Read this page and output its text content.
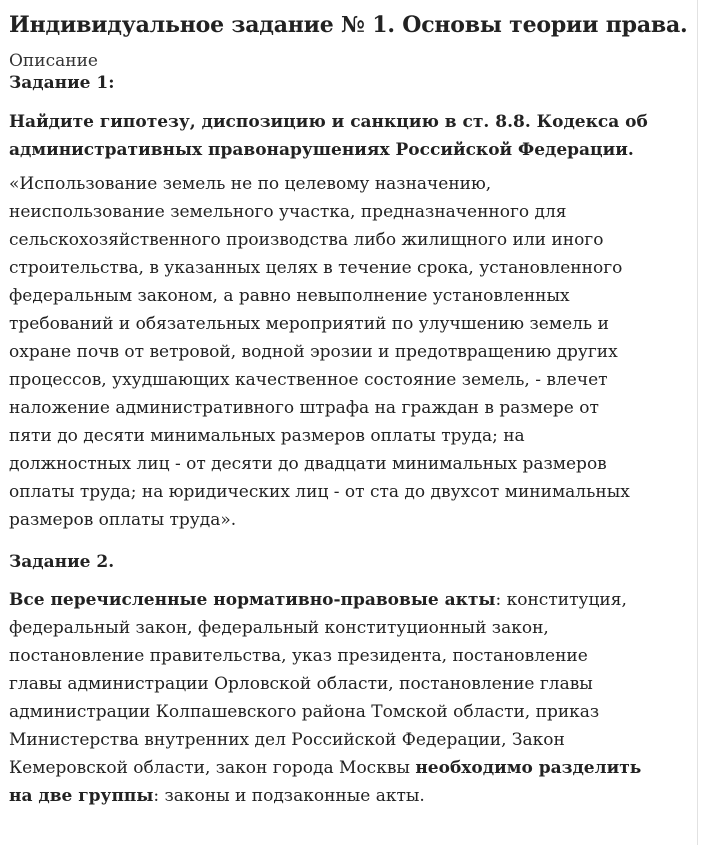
Индивидуальное задание № 1. Основы теории права.

Описание

Задание 1:

Найдите гипотезу, диспозицию и санкцию в ст. 8.8. Кодекса об
административных правонарушениях Российской Федерации.
«Использование земель не по целевому назначению,
неиспользование земельного участка, предназначенного для
сельскохозяйственного производства либо жилищного или иного
строительства, в указанных целях в течение срока, установленного
федеральным законом, а равно невыполнение установленных
требований и обязательных мероприятий по улучшению земель и
охране почв от ветровой, водной эрозии и предотвращению других
процессов, ухудшающих качественное состояние земель, - влечет
наложение административного штрафа на граждан в размере от
пяти до десяти минимальных размеров оплаты труда; на
должностных лиц - от десяти до двадцати минимальных размеров
оплаты труда; на юридических лиц - от ста до двухсот минимальных
размеров оплаты труда».

Задание 2.

Все перечисленные нормативно-правовые акты: конституция,
федеральный закон, федеральный конституционный закон,
постановление правительства, указ президента, постановление
главы администрации Орловской области, постановление главы
администрации Колпашевского района Томской области, приказ
Министерства внутренних дел Российской Федерации, Закон
Кемеровской области, закон города Москвы необходимо разделить
на две группы: законы и подзаконные акты.
